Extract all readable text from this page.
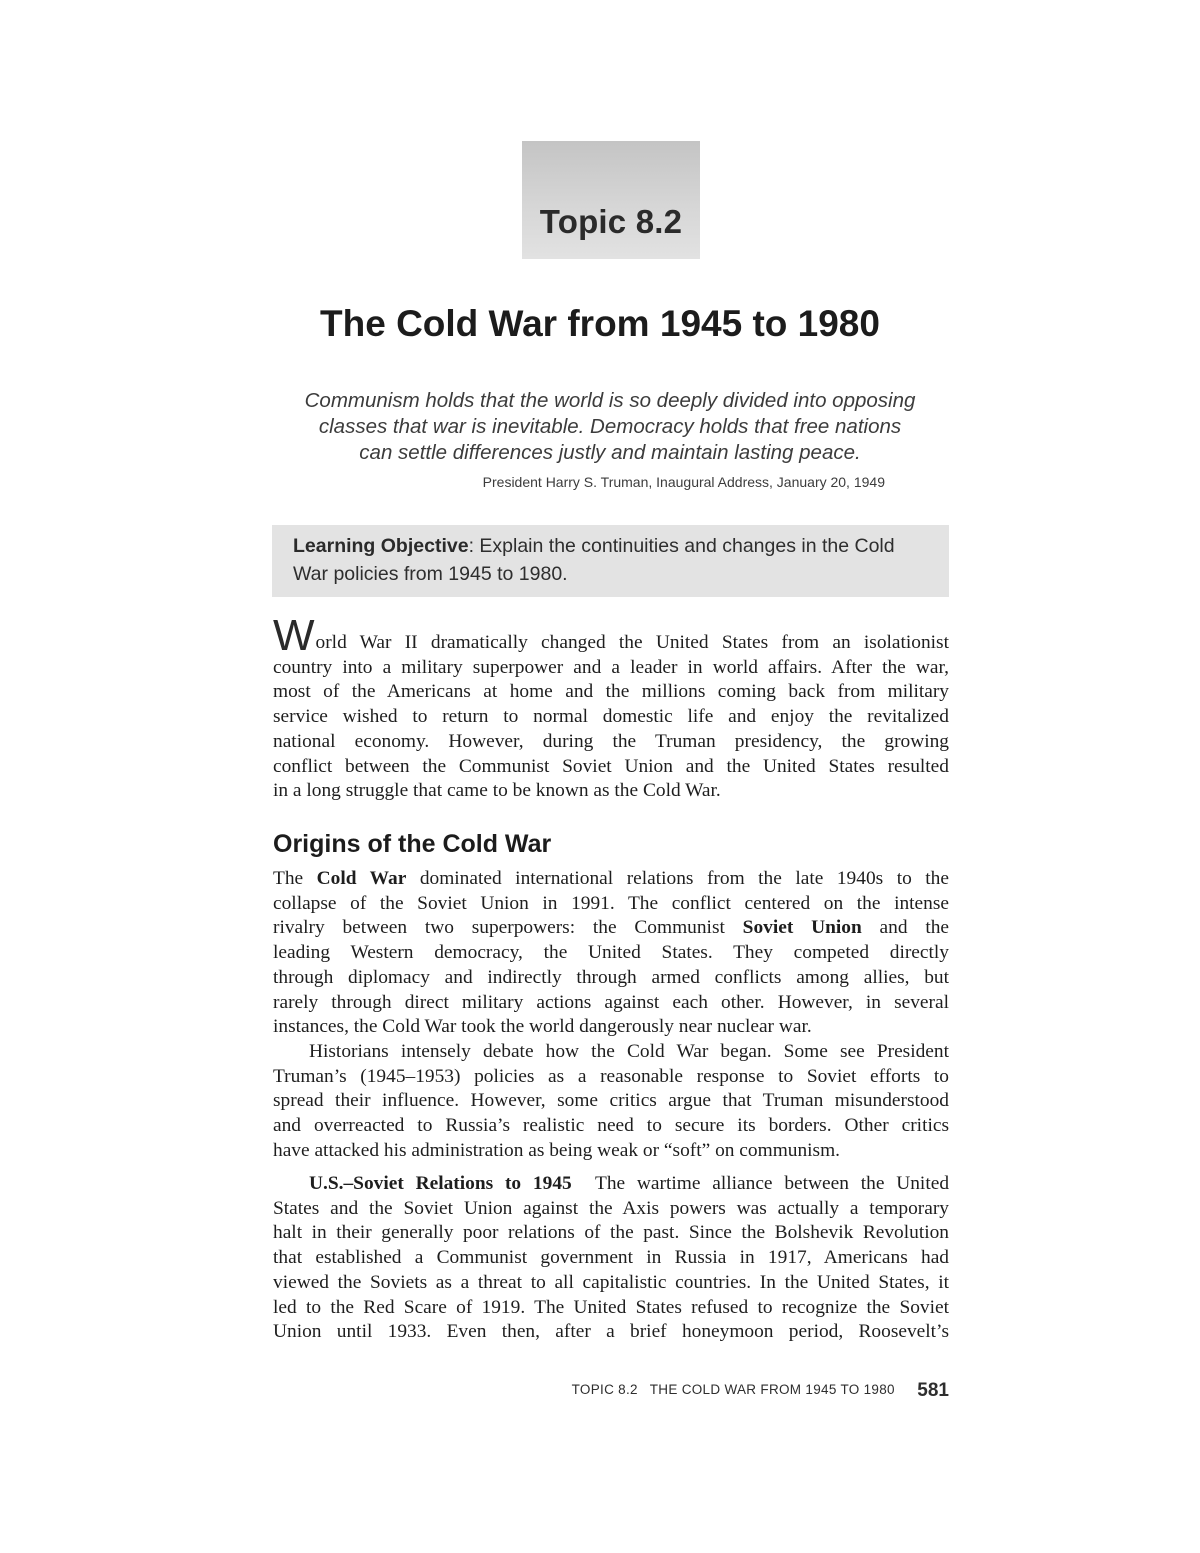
Topic 8.2
The Cold War from 1945 to 1980
Communism holds that the world is so deeply divided into opposing
classes that war is inevitable. Democracy holds that free nations
can settle differences justly and maintain lasting peace.
President Harry S. Truman, Inaugural Address, January 20, 1949
Learning Objective: Explain the continuities and changes in the Cold
War policies from 1945 to 1980.
World War II dramatically changed the United States from an isolationist
country into a military superpower and a leader in world affairs. After the war,
most of the Americans at home and the millions coming back from military
service wished to return to normal domestic life and enjoy the revitalized
national economy. However, during the Truman presidency, the growing
conflict between the Communist Soviet Union and the United States resulted
in a long struggle that came to be known as the Cold War.
Origins of the Cold War
The Cold War dominated international relations from the late 1940s to the
collapse of the Soviet Union in 1991. The conflict centered on the intense
rivalry between two superpowers: the Communist Soviet Union and the
leading Western democracy, the United States. They competed directly
through diplomacy and indirectly through armed conflicts among allies, but
rarely through direct military actions against each other. However, in several
instances, the Cold War took the world dangerously near nuclear war.
Historians intensely debate how the Cold War began. Some see President
Truman’s (1945–1953) policies as a reasonable response to Soviet efforts to
spread their influence. However, some critics argue that Truman misunderstood
and overreacted to Russia’s realistic need to secure its borders. Other critics
have attacked his administration as being weak or “soft” on communism.
U.S.–Soviet Relations to 1945  The wartime alliance between the United
States and the Soviet Union against the Axis powers was actually a temporary
halt in their generally poor relations of the past. Since the Bolshevik Revolution
that established a Communist government in Russia in 1917, Americans had
viewed the Soviets as a threat to all capitalistic countries. In the United States, it
led to the Red Scare of 1919. The United States refused to recognize the Soviet
Union until 1933. Even then, after a brief honeymoon period, Roosevelt’s
TOPIC 8.2   THE COLD WAR FROM 1945 TO 1980 581
